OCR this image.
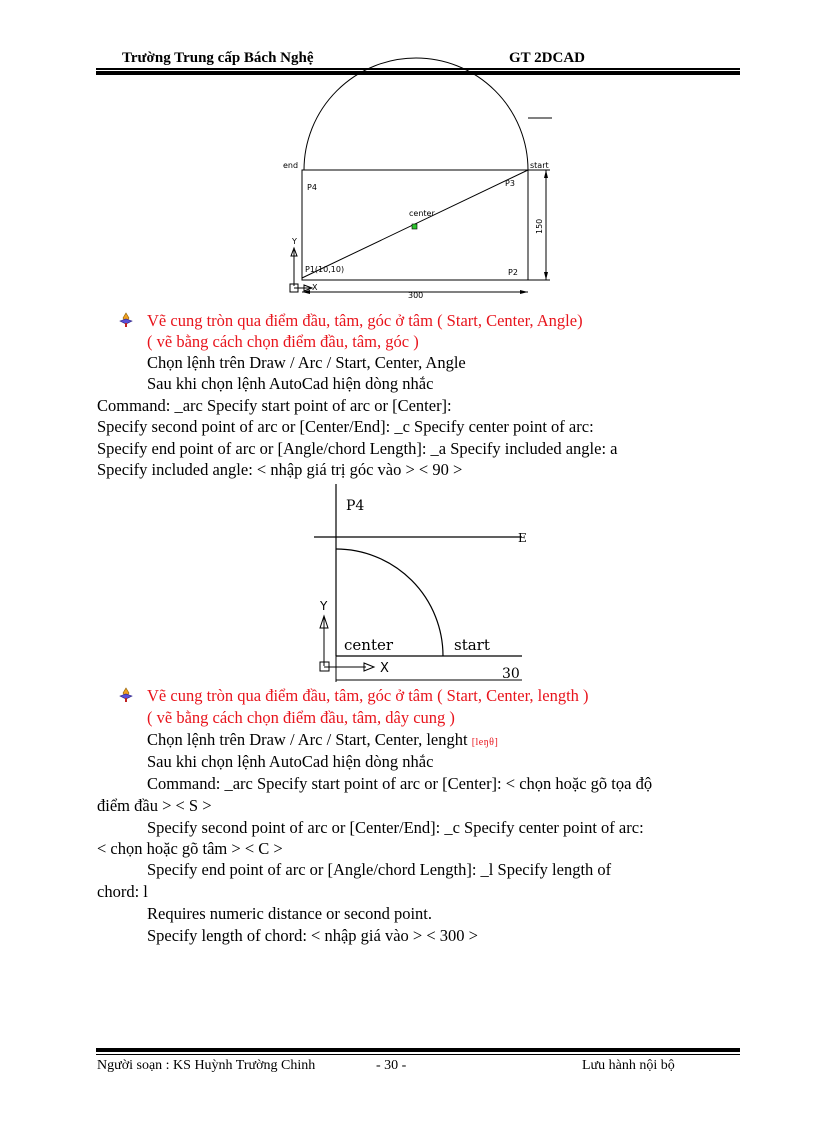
Trường Trung cấp Bách Nghệ	GT 2DCAD
end	start
P4	P3
center
Y
P1(10,10)	P2
X
300
150
Vẽ cung tròn qua điểm đầu, tâm, góc ở tâm ( Start, Center, Angle)
( vẽ bằng cách chọn điểm đầu, tâm, góc )
Chọn lệnh trên Draw / Arc / Start, Center, Angle
Sau khi chọn lệnh AutoCad hiện dòng nhắc
Command: _arc Specify start point of arc or [Center]:
Specify second point of arc or [Center/End]: _c Specify center point of arc:
Specify end point of arc or [Angle/chord Length]: _a Specify included angle: a
Specify included angle: < nhập giá trị góc vào > < 90 >
P4
E
Y
center	start
X	30
Vẽ cung tròn qua điểm đầu, tâm, góc ở tâm ( Start, Center, length )
( vẽ bằng cách chọn điểm đầu, tâm, dây cung )
Chọn lệnh trên Draw / Arc / Start, Center, lenght [leŋθ]
Sau khi chọn lệnh AutoCad hiện dòng nhắc
Command: _arc Specify start point of arc or [Center]: < chọn hoặc gõ tọa độ
điểm đầu > < S >
Specify second point of arc or [Center/End]: _c Specify center point of arc:
< chọn hoặc gõ tâm > < C >
Specify end point of arc or [Angle/chord Length]: _l Specify length of
chord: l
Requires numeric distance or second point.
Specify length of chord: < nhập giá vào > < 300 >
Người soạn : KS Huỳnh Trường Chinh	- 30 -	Lưu hành nội bộ
